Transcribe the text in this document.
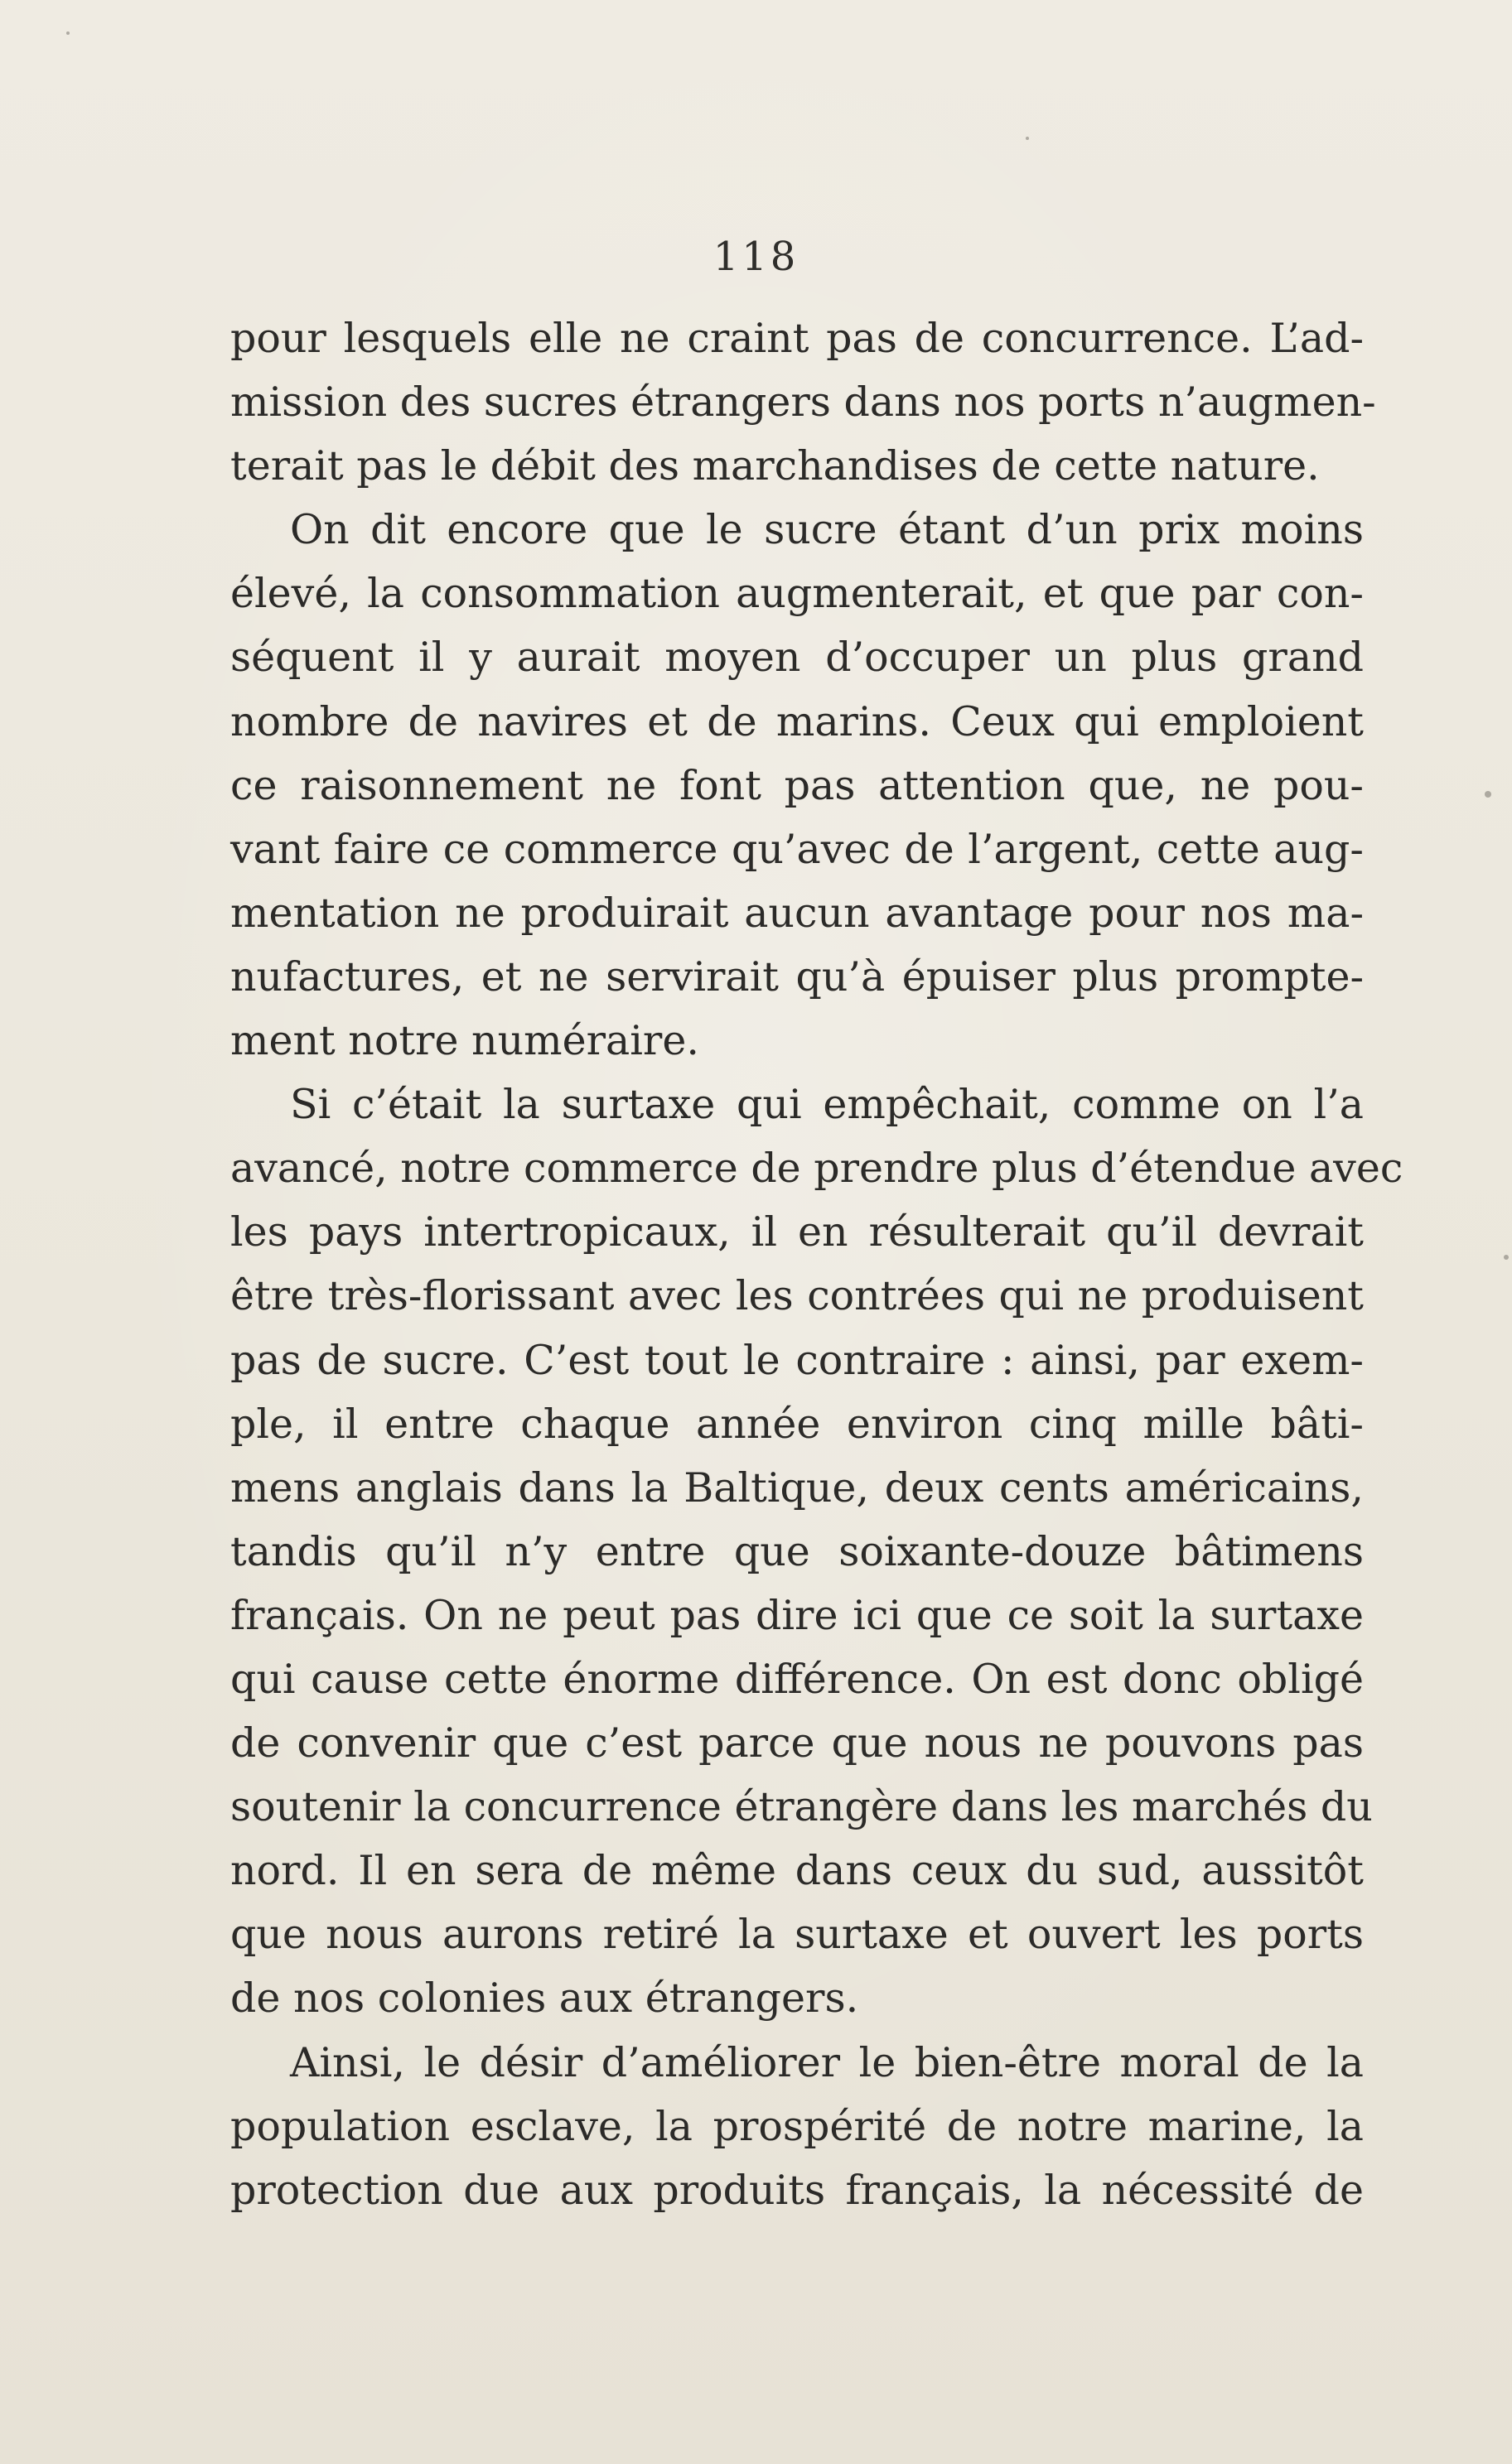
118
pour lesquels elle ne craint pas de concurrence. L’ad-
mission des sucres étrangers dans nos ports n’augmen-
terait pas le débit des marchandises de cette nature.
On dit encore que le sucre étant d’un prix moins
élevé, la consommation augmenterait, et que par con-
séquent il y aurait moyen d’occuper un plus grand
nombre de navires et de marins. Ceux qui emploient
ce raisonnement ne font pas attention que, ne pou-
vant faire ce commerce qu’avec de l’argent, cette aug-
mentation ne produirait aucun avantage pour nos ma-
nufactures, et ne servirait qu’à épuiser plus prompte-
ment notre numéraire.
Si c’était la surtaxe qui empêchait, comme on l’a
avancé, notre commerce de prendre plus d’étendue avec
les pays intertropicaux, il en résulterait qu’il devrait
être très-florissant avec les contrées qui ne produisent
pas de sucre. C’est tout le contraire : ainsi, par exem-
ple, il entre chaque année environ cinq mille bâti-
mens anglais dans la Baltique, deux cents américains,
tandis qu’il n’y entre que soixante-douze bâtimens
français. On ne peut pas dire ici que ce soit la surtaxe
qui cause cette énorme différence. On est donc obligé
de convenir que c’est parce que nous ne pouvons pas
soutenir la concurrence étrangère dans les marchés du
nord. Il en sera de même dans ceux du sud, aussitôt
que nous aurons retiré la surtaxe et ouvert les ports
de nos colonies aux étrangers.
Ainsi, le désir d’améliorer le bien-être moral de la
population esclave, la prospérité de notre marine, la
protection due aux produits français, la nécessité de
